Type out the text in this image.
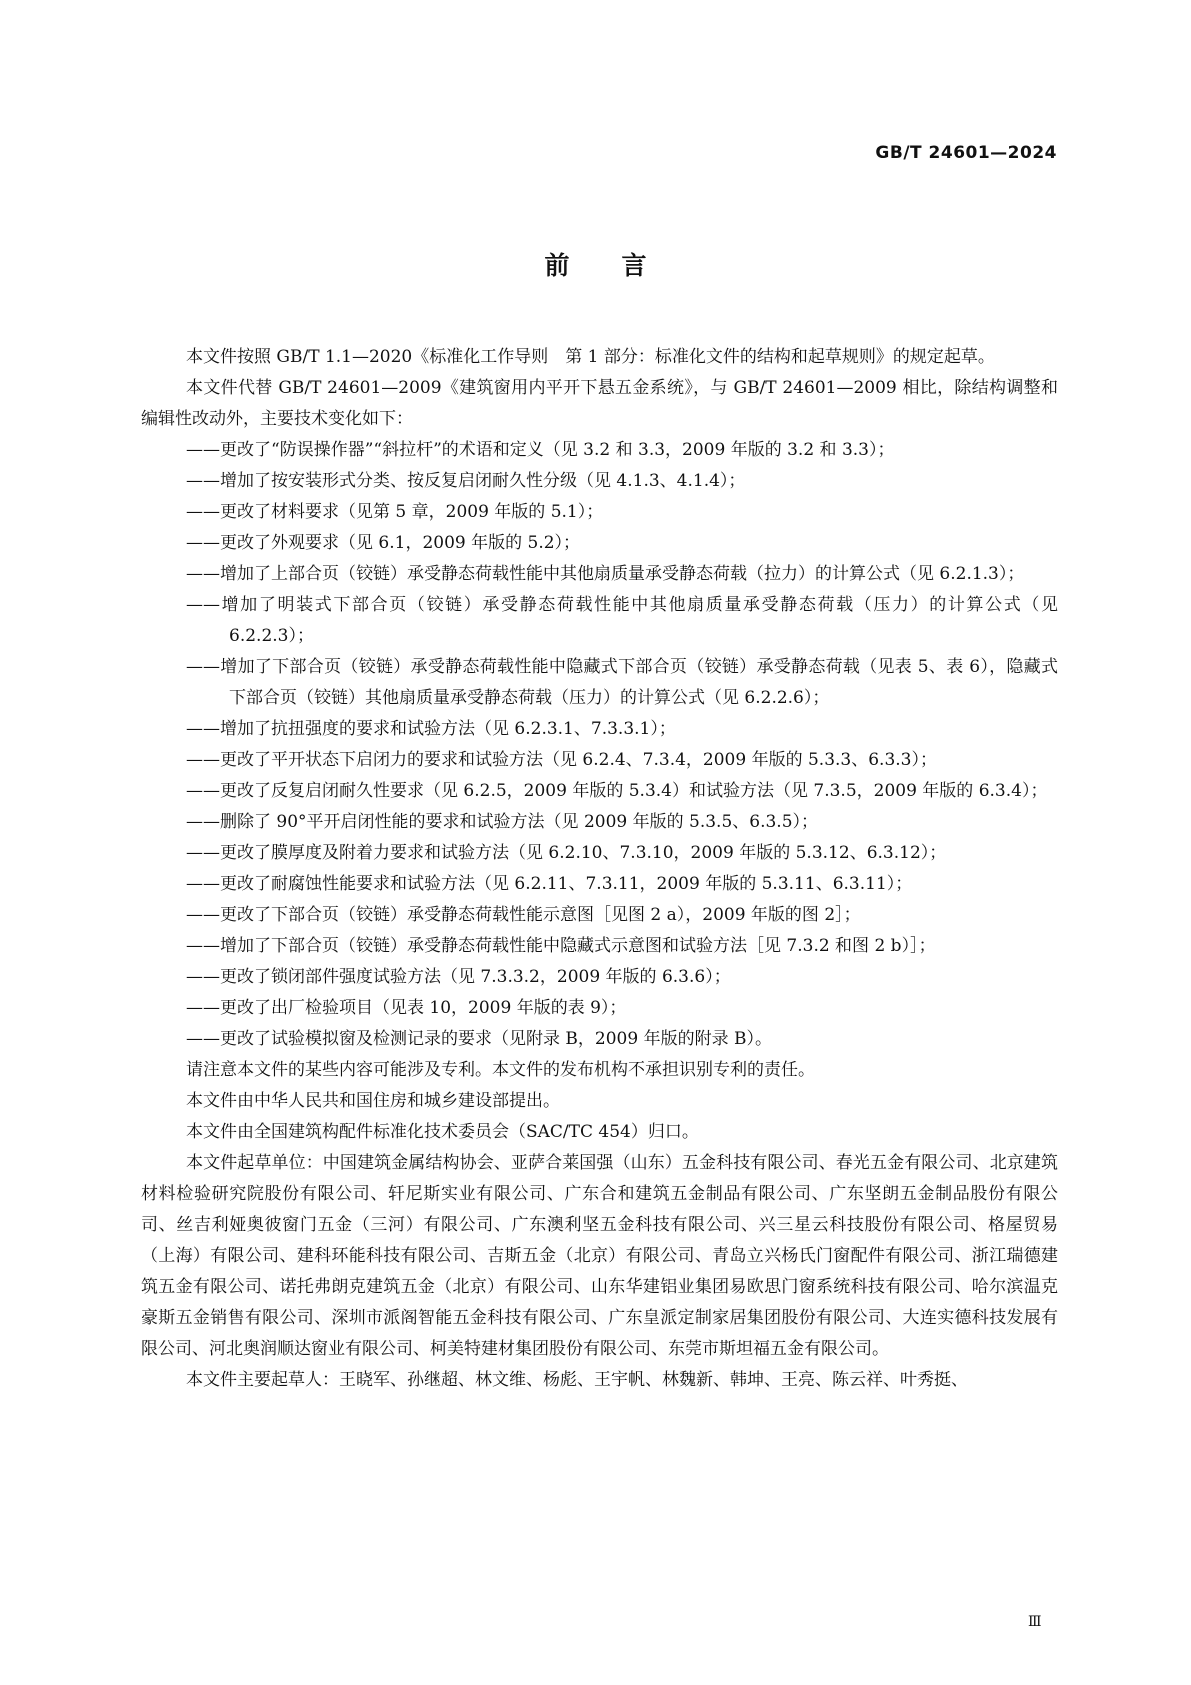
GB/T 24601—2024
前 言

本文件按照 GB/T 1.1—2020《标准化工作导则　第 1 部分：标准化文件的结构和起草规则》的规定起草。

本文件代替 GB/T 24601—2009《建筑窗用内平开下悬五金系统》，与 GB/T 24601—2009 相比，除结构调整和编辑性改动外，主要技术变化如下：

——更改了“防误操作器”“斜拉杆”的术语和定义（见 3.2 和 3.3，2009 年版的 3.2 和 3.3）；
——增加了按安装形式分类、按反复启闭耐久性分级（见 4.1.3、4.1.4）；
——更改了材料要求（见第 5 章，2009 年版的 5.1）；
——更改了外观要求（见 6.1，2009 年版的 5.2）；
——增加了上部合页（铰链）承受静态荷载性能中其他扇质量承受静态荷载（拉力）的计算公式（见 6.2.1.3）；
——增加了明装式下部合页（铰链）承受静态荷载性能中其他扇质量承受静态荷载（压力）的计算公式（见 6.2.2.3）；
——增加了下部合页（铰链）承受静态荷载性能中隐藏式下部合页（铰链）承受静态荷载（见表 5、表 6），隐藏式下部合页（铰链）其他扇质量承受静态荷载（压力）的计算公式（见 6.2.2.6）；
——增加了抗扭强度的要求和试验方法（见 6.2.3.1、7.3.3.1）；
——更改了平开状态下启闭力的要求和试验方法（见 6.2.4、7.3.4，2009 年版的 5.3.3、6.3.3）；
——更改了反复启闭耐久性要求（见 6.2.5，2009 年版的 5.3.4）和试验方法（见 7.3.5，2009 年版的 6.3.4）；
——删除了 90°平开启闭性能的要求和试验方法（见 2009 年版的 5.3.5、6.3.5）；
——更改了膜厚度及附着力要求和试验方法（见 6.2.10、7.3.10，2009 年版的 5.3.12、6.3.12）；
——更改了耐腐蚀性能要求和试验方法（见 6.2.11、7.3.11，2009 年版的 5.3.11、6.3.11）；
——更改了下部合页（铰链）承受静态荷载性能示意图［见图 2 a），2009 年版的图 2］；
——增加了下部合页（铰链）承受静态荷载性能中隐藏式示意图和试验方法［见 7.3.2 和图 2 b）］；
——更改了锁闭部件强度试验方法（见 7.3.3.2，2009 年版的 6.3.6）；
——更改了出厂检验项目（见表 10，2009 年版的表 9）；
——更改了试验模拟窗及检测记录的要求（见附录 B，2009 年版的附录 B）。

请注意本文件的某些内容可能涉及专利。本文件的发布机构不承担识别专利的责任。

本文件由中华人民共和国住房和城乡建设部提出。

本文件由全国建筑构配件标准化技术委员会（SAC/TC 454）归口。

本文件起草单位：中国建筑金属结构协会、亚萨合莱国强（山东）五金科技有限公司、春光五金有限公司、北京建筑材料检验研究院股份有限公司、轩尼斯实业有限公司、广东合和建筑五金制品有限公司、广东坚朗五金制品股份有限公司、丝吉利娅奥彼窗门五金（三河）有限公司、广东澳利坚五金科技有限公司、兴三星云科技股份有限公司、格屋贸易（上海）有限公司、建科环能科技有限公司、吉斯五金（北京）有限公司、青岛立兴杨氏门窗配件有限公司、浙江瑞德建筑五金有限公司、诺托弗朗克建筑五金（北京）有限公司、山东华建铝业集团易欧思门窗系统科技有限公司、哈尔滨温克豪斯五金销售有限公司、深圳市派阁智能五金科技有限公司、广东皇派定制家居集团股份有限公司、大连实德科技发展有限公司、河北奥润顺达窗业有限公司、柯美特建材集团股份有限公司、东莞市斯坦福五金有限公司。

本文件主要起草人：王晓军、孙继超、林文维、杨彪、王宇帆、林魏新、韩坤、王亮、陈云祥、叶秀挺、

Ⅲ
